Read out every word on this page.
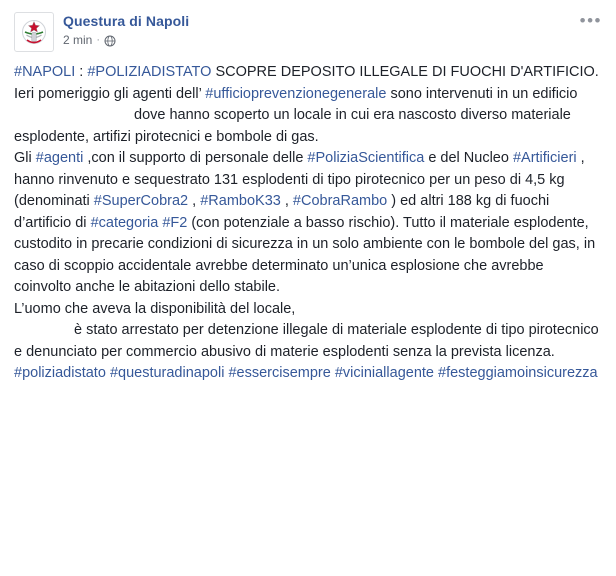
Questura di Napoli
2 min ·
•••

#NAPOLI : #POLIZIADISTATO SCOPRE DEPOSITO ILLEGALE DI FUOCHI D'ARTIFICIO.

Ieri pomeriggio gli agenti dell’ #ufficioprevenzionegenerale sono intervenuti in un edificiodove hanno scoperto un locale in cui era nascosto diverso materiale esplodente, artifizi pirotecnici e bombole di gas.

Gli #agenti ,con il supporto di personale delle #PoliziaScientifica e del Nucleo #Artificieri , hanno rinvenuto e sequestrato 131 esplodenti di tipo pirotecnico per un peso di 4,5 kg (denominati #SuperCobra2 , #RamboK33 , #CobraRambo ) ed altri 188 kg di fuochi d’artificio di #categoria #F2 (con potenziale a basso rischio). Tutto il materiale esplodente, custodito in precarie condizioni di sicurezza in un solo ambiente con le bombole del gas, in caso di scoppio accidentale avrebbe determinato un’unica esplosione che avrebbe coinvolto anche le abitazioni dello stabile.

L’uomo che aveva la disponibilità del locale,
è stato arrestato per detenzione illegale di materiale esplodente di tipo pirotecnico e denunciato per commercio abusivo di materie esplodenti senza la prevista licenza.

#poliziadistato #questuradinapoli #essercisempre #viciniallagente #festeggiamoinsicurezza
